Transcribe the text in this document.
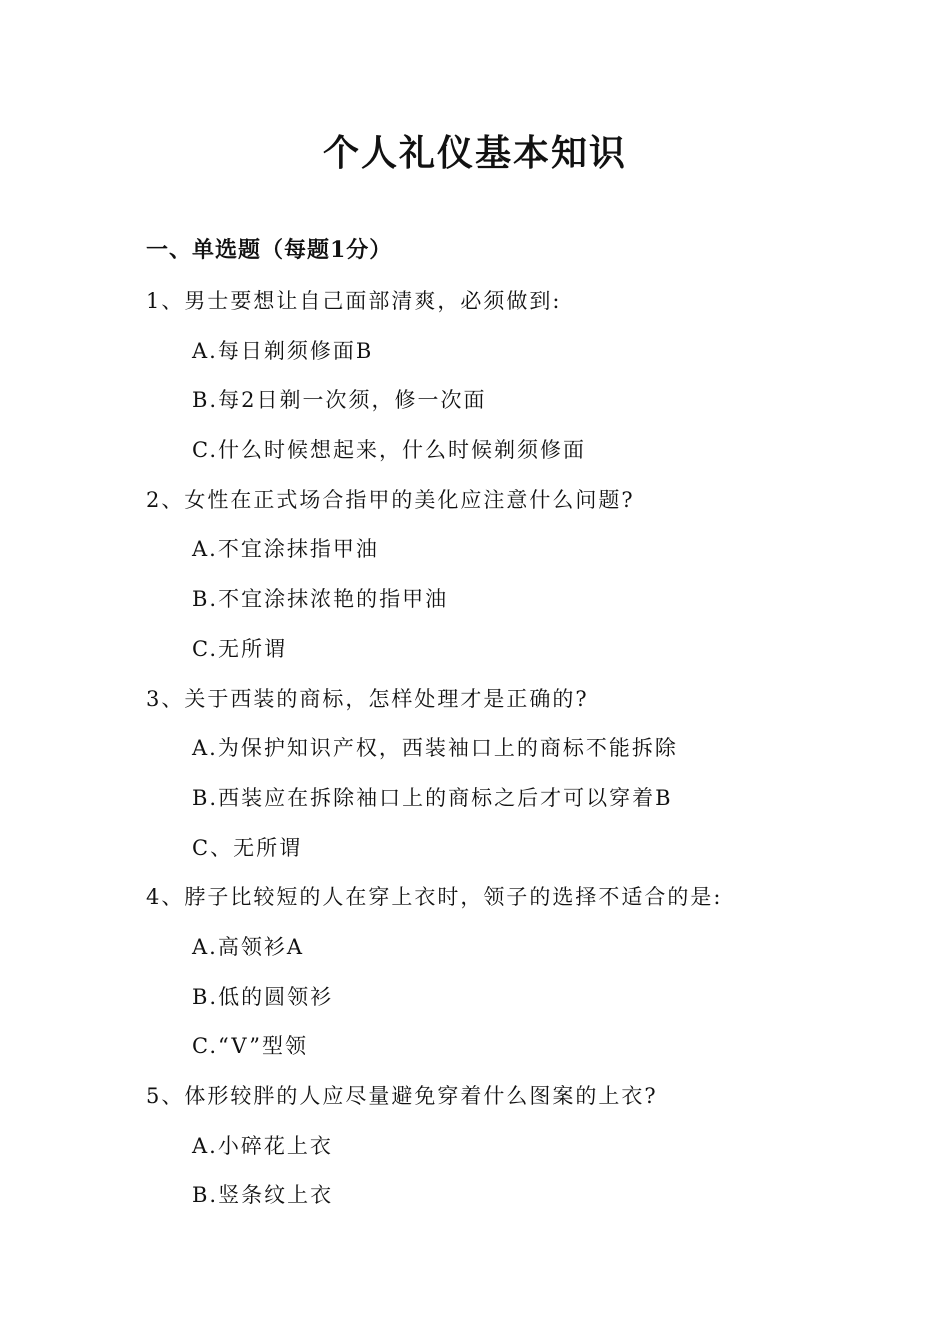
个人礼仪基本知识
一、单选题（每题1分）
1、男士要想让自己面部清爽，必须做到:
A.每日剃须修面B
B.每2日剃一次须，修一次面
C.什么时候想起来，什么时候剃须修面
2、女性在正式场合指甲的美化应注意什么问题?
A.不宜涂抹指甲油
B.不宜涂抹浓艳的指甲油
C.无所谓
3、关于西装的商标，怎样处理才是正确的?
A.为保护知识产权，西装袖口上的商标不能拆除
B.西装应在拆除袖口上的商标之后才可以穿着B
C、无所谓
4、脖子比较短的人在穿上衣时，领子的选择不适合的是:
A.高领衫A
B.低的圆领衫
C.“V”型领
5、体形较胖的人应尽量避免穿着什么图案的上衣?
A.小碎花上衣
B.竖条纹上衣
